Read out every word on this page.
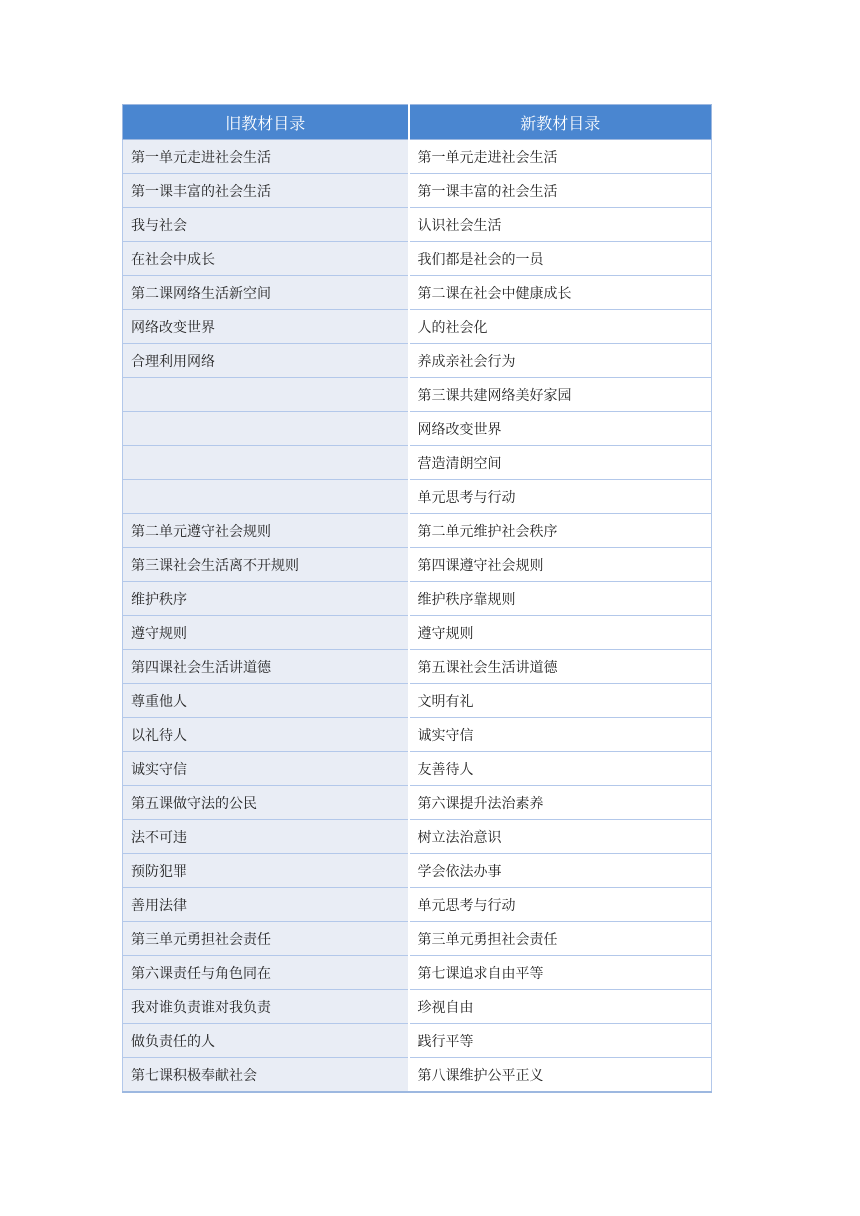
旧教材目录	新教材目录
第一单元走进社会生活	第一单元走进社会生活
第一课丰富的社会生活	第一课丰富的社会生活
我与社会	认识社会生活
在社会中成长	我们都是社会的一员
第二课网络生活新空间	第二课在社会中健康成长
网络改变世界	人的社会化
合理利用网络	养成亲社会行为
	第三课共建网络美好家园
	网络改变世界
	营造清朗空间
	单元思考与行动
第二单元遵守社会规则	第二单元维护社会秩序
第三课社会生活离不开规则	第四课遵守社会规则
维护秩序	维护秩序靠规则
遵守规则	遵守规则
第四课社会生活讲道德	第五课社会生活讲道德
尊重他人	文明有礼
以礼待人	诚实守信
诚实守信	友善待人
第五课做守法的公民	第六课提升法治素养
法不可违	树立法治意识
预防犯罪	学会依法办事
善用法律	单元思考与行动
第三单元勇担社会责任	第三单元勇担社会责任
第六课责任与角色同在	第七课追求自由平等
我对谁负责谁对我负责	珍视自由
做负责任的人	践行平等
第七课积极奉献社会	第八课维护公平正义
